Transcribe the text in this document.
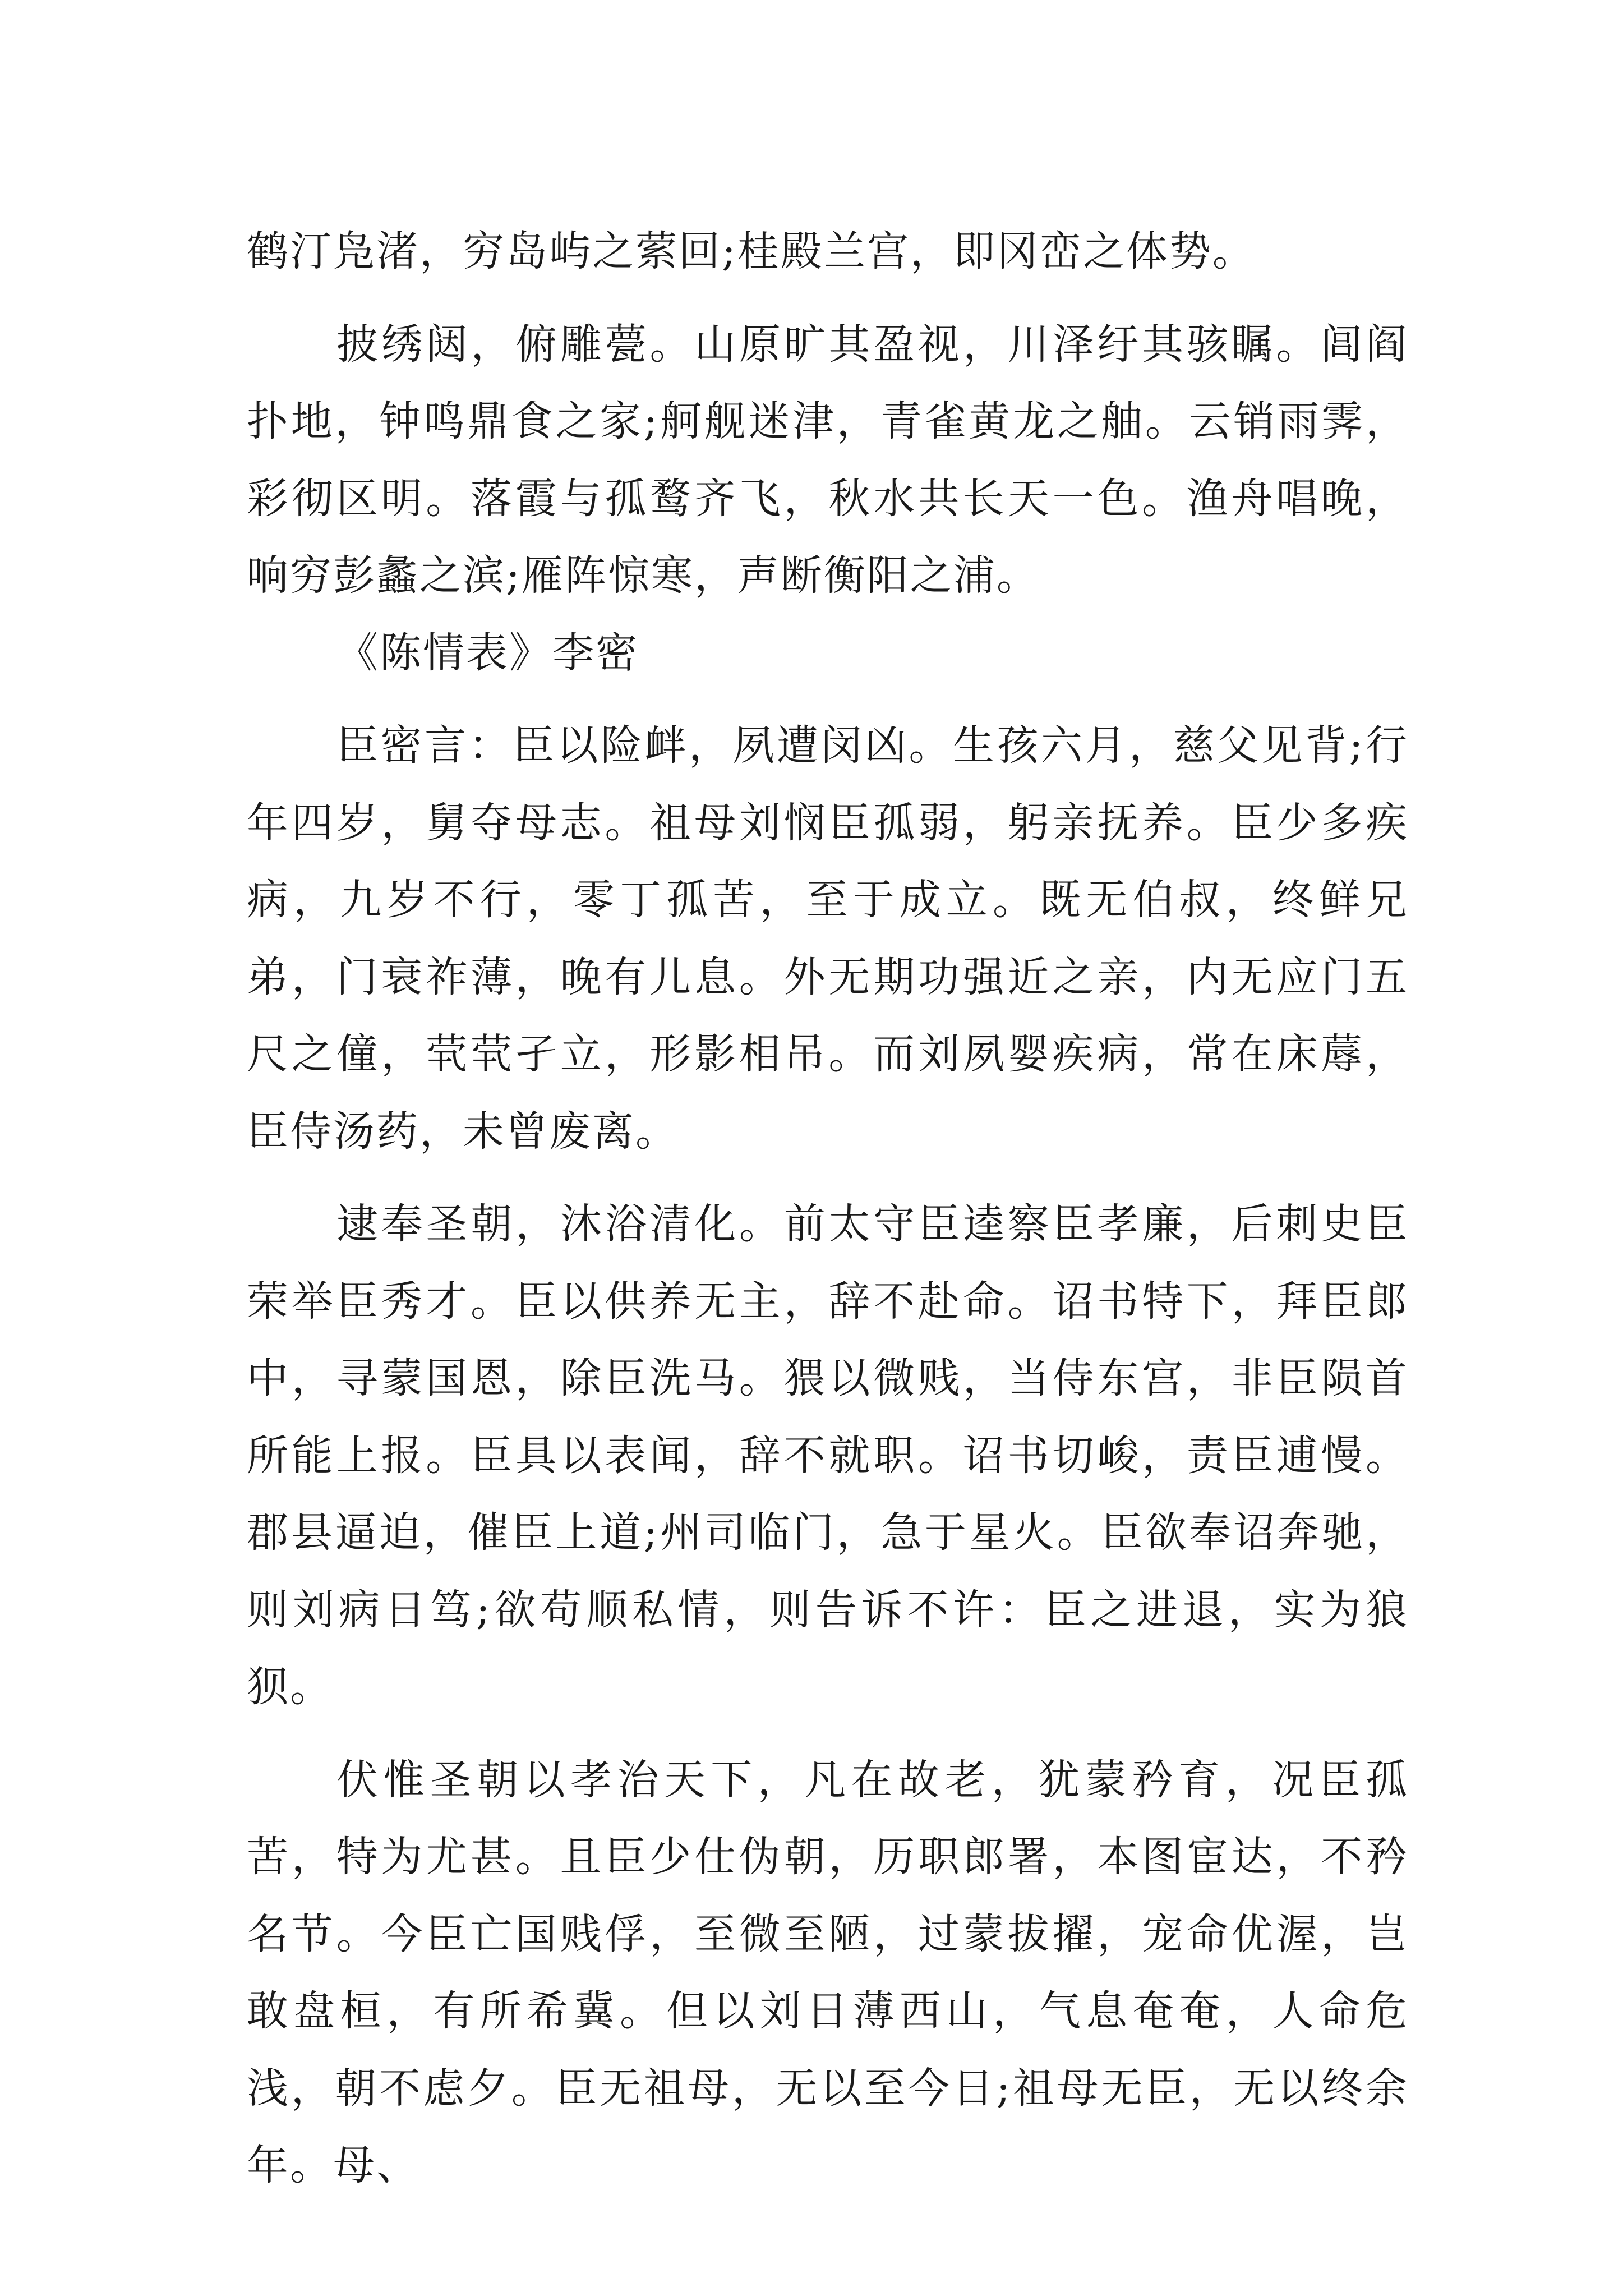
鹤汀凫渚，穷岛屿之萦回;桂殿兰宫，即冈峦之体势。

披绣闼，俯雕甍。山原旷其盈视，川泽纡其骇瞩。闾阎扑地，钟鸣鼎食之家;舸舰迷津，青雀黄龙之舳。云销雨霁，彩彻区明。落霞与孤鹜齐飞，秋水共长天一色。渔舟唱晚，响穷彭蠡之滨;雁阵惊寒，声断衡阳之浦。

《陈情表》李密

臣密言：臣以险衅，夙遭闵凶。生孩六月，慈父见背;行年四岁，舅夺母志。祖母刘悯臣孤弱，躬亲抚养。臣少多疾病，九岁不行，零丁孤苦，至于成立。既无伯叔，终鲜兄弟，门衰祚薄，晚有儿息。外无期功强近之亲，内无应门五尺之僮，茕茕孑立，形影相吊。而刘夙婴疾病，常在床蓐，臣侍汤药，未曾废离。

逮奉圣朝，沐浴清化。前太守臣逵察臣孝廉，后刺史臣荣举臣秀才。臣以供养无主，辞不赴命。诏书特下，拜臣郎中，寻蒙国恩，除臣洗马。猥以微贱，当侍东宫，非臣陨首所能上报。臣具以表闻，辞不就职。诏书切峻，责臣逋慢。郡县逼迫，催臣上道;州司临门，急于星火。臣欲奉诏奔驰，则刘病日笃;欲苟顺私情，则告诉不许：臣之进退，实为狼狈。

伏惟圣朝以孝治天下，凡在故老，犹蒙矜育，况臣孤苦，特为尤甚。且臣少仕伪朝，历职郎署，本图宦达，不矜名节。今臣亡国贱俘，至微至陋，过蒙拔擢，宠命优渥，岂敢盘桓，有所希冀。但以刘日薄西山，气息奄奄，人命危浅，朝不虑夕。臣无祖母，无以至今日;祖母无臣，无以终余年。母、
